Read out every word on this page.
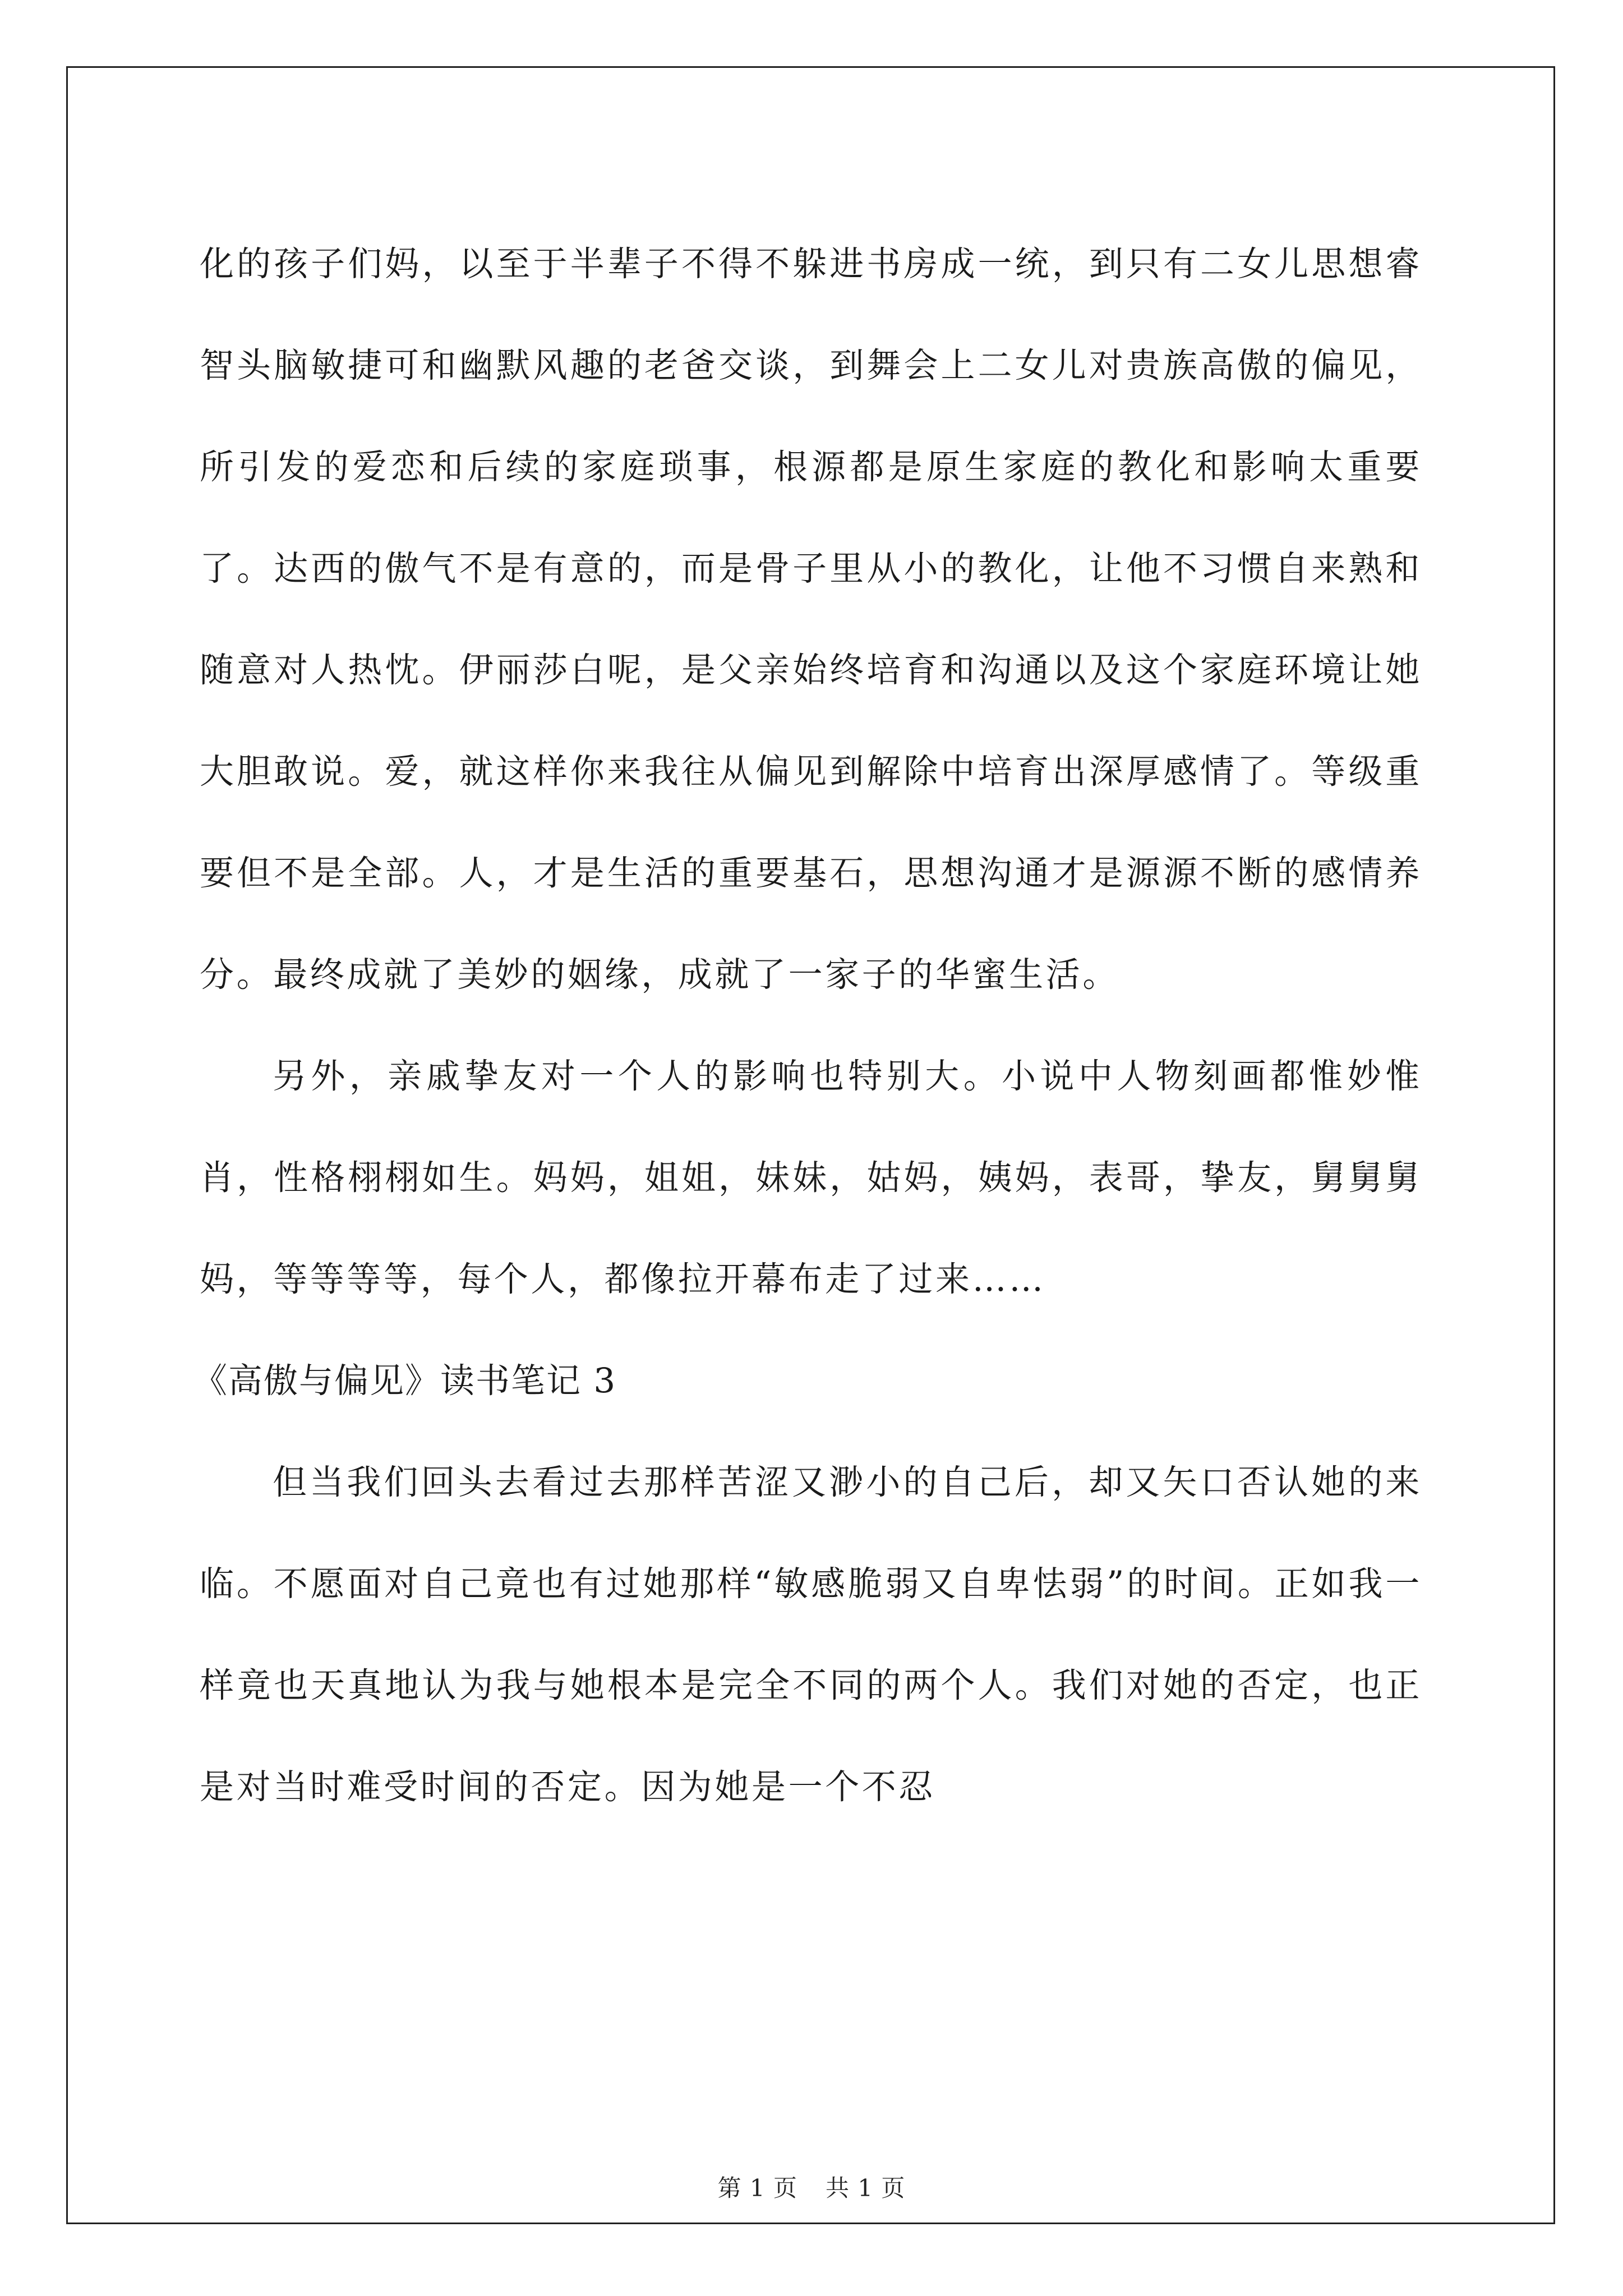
化的孩子们妈，以至于半辈子不得不躲进书房成一统，到只有二女儿思想睿智头脑敏捷可和幽默风趣的老爸交谈，到舞会上二女儿对贵族高傲的偏见，所引发的爱恋和后续的家庭琐事，根源都是原生家庭的教化和影响太重要了。达西的傲气不是有意的，而是骨子里从小的教化，让他不习惯自来熟和随意对人热忱。伊丽莎白呢，是父亲始终培育和沟通以及这个家庭环境让她大胆敢说。爱，就这样你来我往从偏见到解除中培育出深厚感情了。等级重要但不是全部。人，才是生活的重要基石，思想沟通才是源源不断的感情养分。最终成就了美妙的姻缘，成就了一家子的华蜜生活。

另外，亲戚挚友对一个人的影响也特别大。小说中人物刻画都惟妙惟肖，性格栩栩如生。妈妈，姐姐，妹妹，姑妈，姨妈，表哥，挚友，舅舅舅妈，等等等等，每个人，都像拉开幕布走了过来……

《高傲与偏见》读书笔记 3

但当我们回头去看过去那样苦涩又渺小的自己后，却又矢口否认她的来临。不愿面对自己竟也有过她那样“敏感脆弱又自卑怯弱”的时间。正如我一样竟也天真地认为我与她根本是完全不同的两个人。我们对她的否定，也正是对当时难受时间的否定。因为她是一个不忍

第 1 页 共 1 页
